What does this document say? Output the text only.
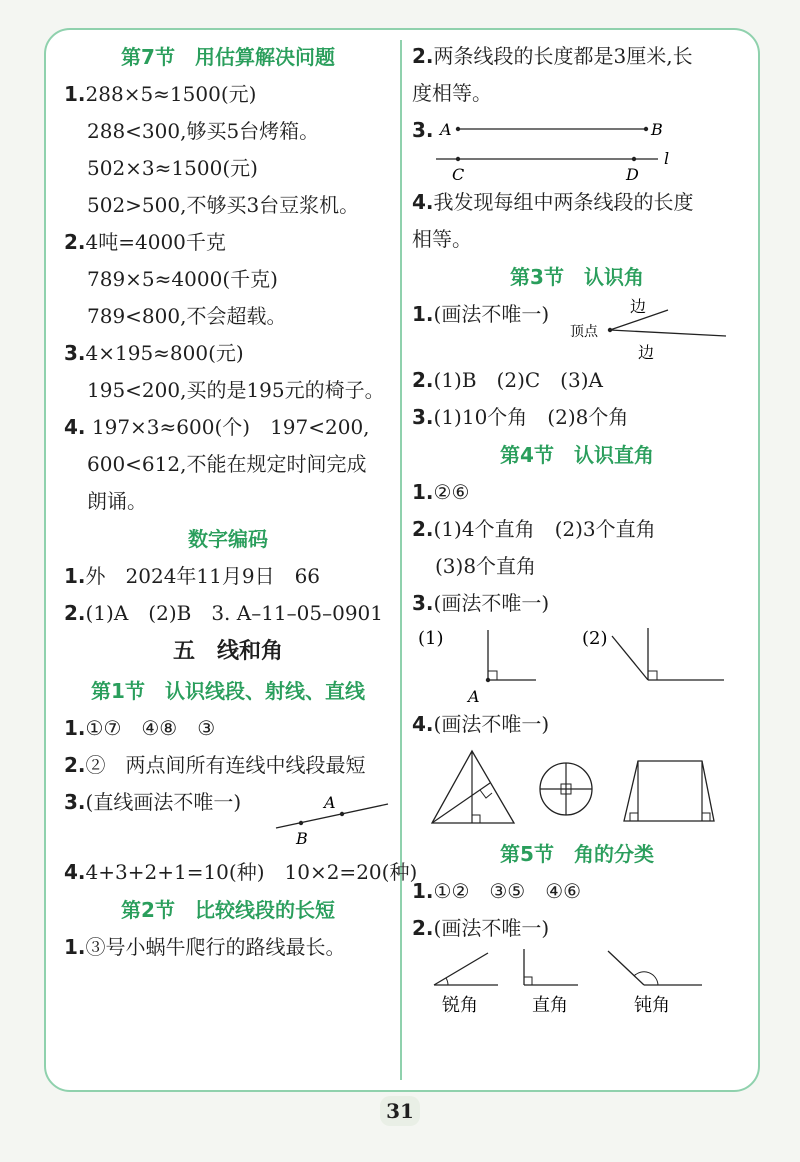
第7节　用估算解决问题
1.288×5≈1500(元)
288<300,够买5台烤箱。
502×3≈1500(元)
502>500,不够买3台豆浆机。
2.4吨=4000千克
789×5≈4000(千克)
789<800,不会超载。
3.4×195≈800(元)
195<200,买的是195元的椅子。
4. 197×3≈600(个)　197<200,
600<612,不能在规定时间完成
朗诵。
数字编码
1.外　2024年11月9日　66
2.(1)A　(2)B　3. A–11–05–0901
五　线和角
第1节　认识线段、射线、直线
1.①⑦　④⑧　③
2.②　两点间所有连线中线段最短
3.(直线画法不唯一)	A
B
4.4+3+2+1=10(种)　10×2=20(种)
第2节　比较线段的长短
1.③号小蜗牛爬行的路线最长。
2.两条线段的长度都是3厘米,长
度相等。
3. A	B
C	D
l
4.我发现每组中两条线段的长度
相等。
第3节　认识角
1.(画法不唯一)
顶点
边
边
2.(1)B　(2)C　(3)A
3.(1)10个角　(2)8个角
第4节　认识直角
1.②⑥
2.(1)4个直角　(2)3个直角
(3)8个直角
3.(画法不唯一)
(1)
A
(2)
4.(画法不唯一)
第5节　角的分类
1.①②　③⑤　④⑥
2.(画法不唯一)
锐角	直角	钝角
31
